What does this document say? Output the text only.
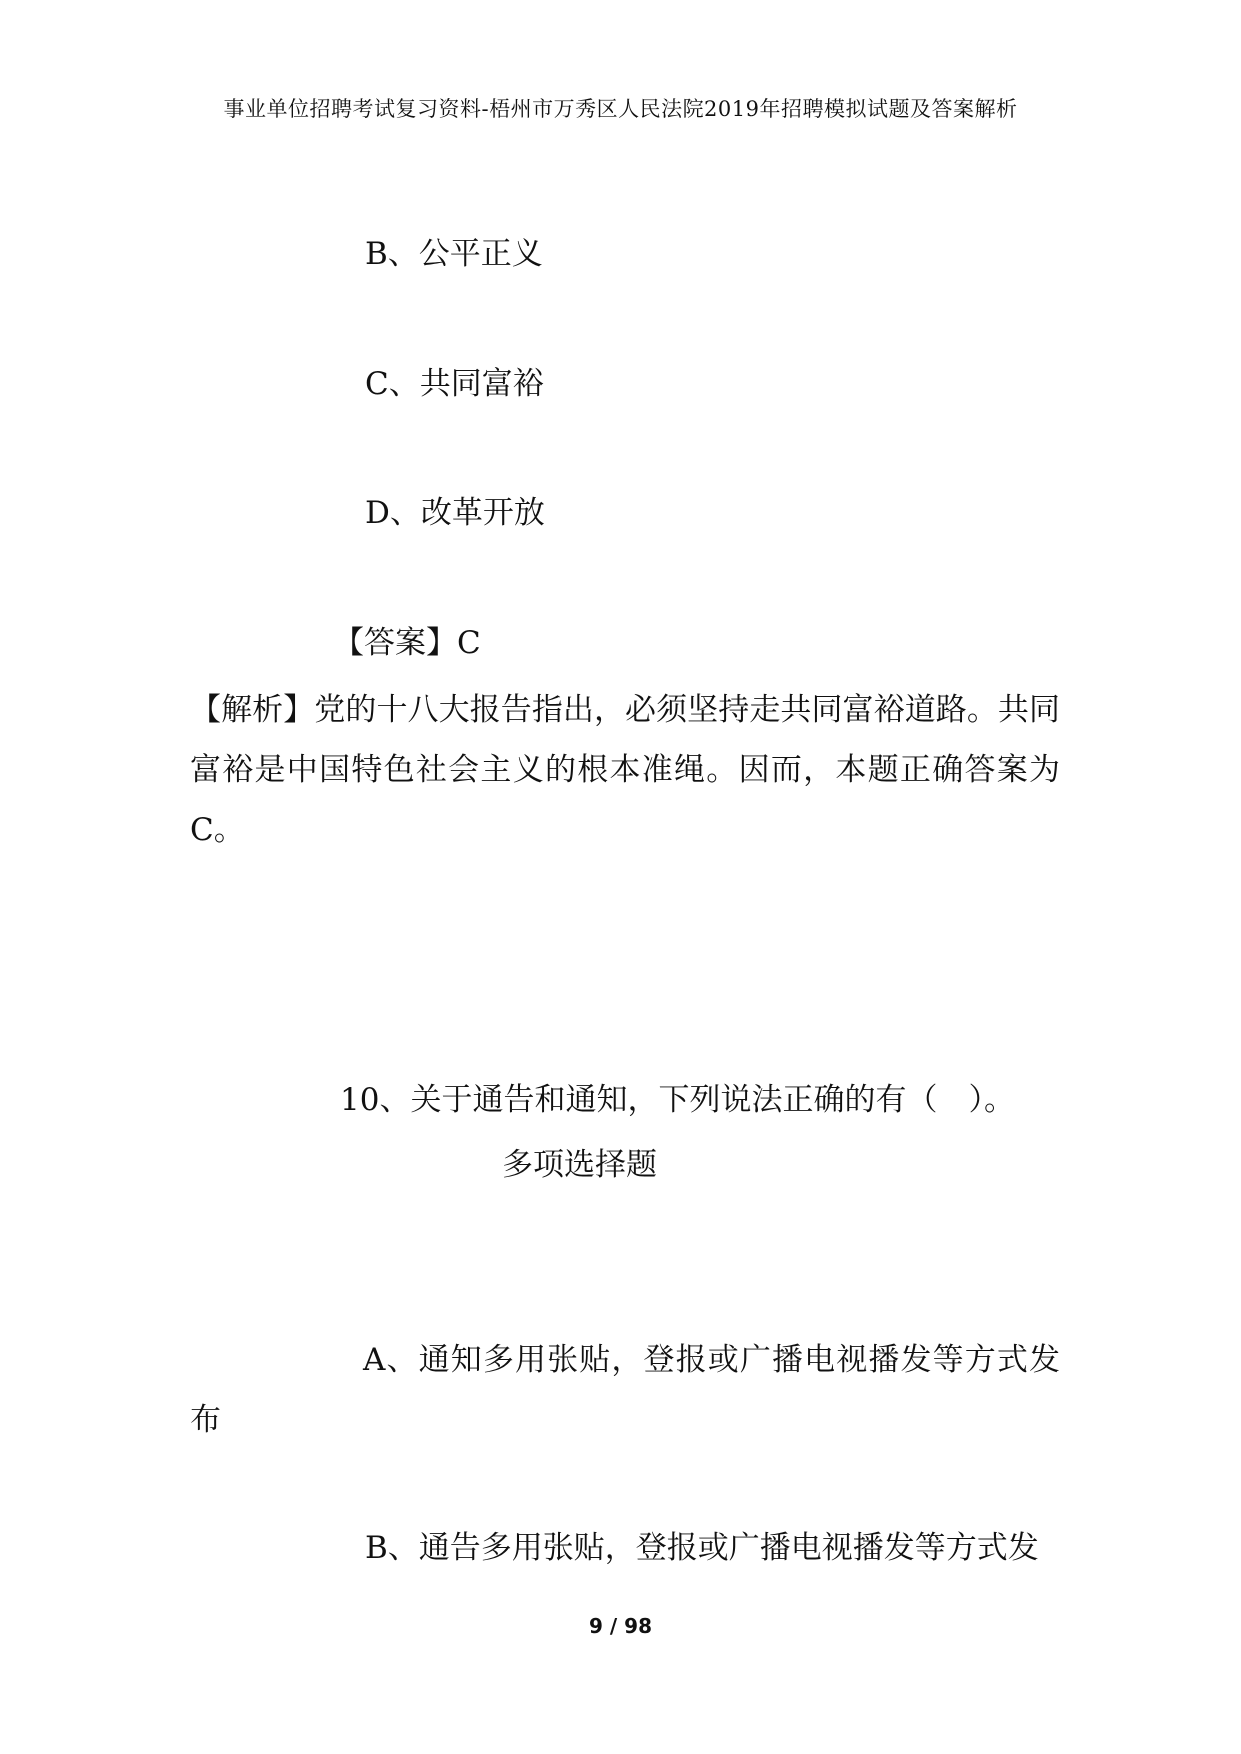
事业单位招聘考试复习资料-梧州市万秀区人民法院2019年招聘模拟试题及答案解析
B、公平正义
C、共同富裕
D、改革开放
【答案】C
【解析】党的十八大报告指出，必须坚持走共同富裕道路。共同富裕是中国特色社会主义的根本准绳。因而，本题正确答案为C。
10、关于通告和通知，下列说法正确的有（　）。
多项选择题
A、通知多用张贴，登报或广播电视播发等方式发布
B、通告多用张贴，登报或广播电视播发等方式发
9 / 98
